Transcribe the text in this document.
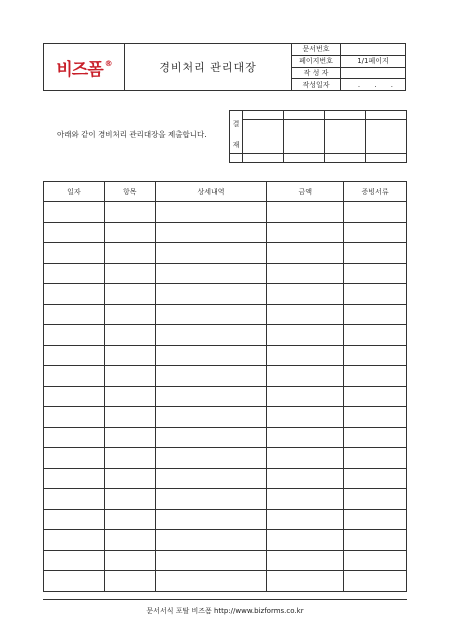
비즈폼 ®	경비처리 관리대장	문서번호	
		페이지번호	1/1페이지
		작 성 자	
		작성일자	. . .
아래와 같이 경비처리 관리대장을 제출합니다.
결				

재				

일자	항목	상세내역	금액	증빙서류

문서서식 포탈 비즈폼 http://www.bizforms.co.kr
